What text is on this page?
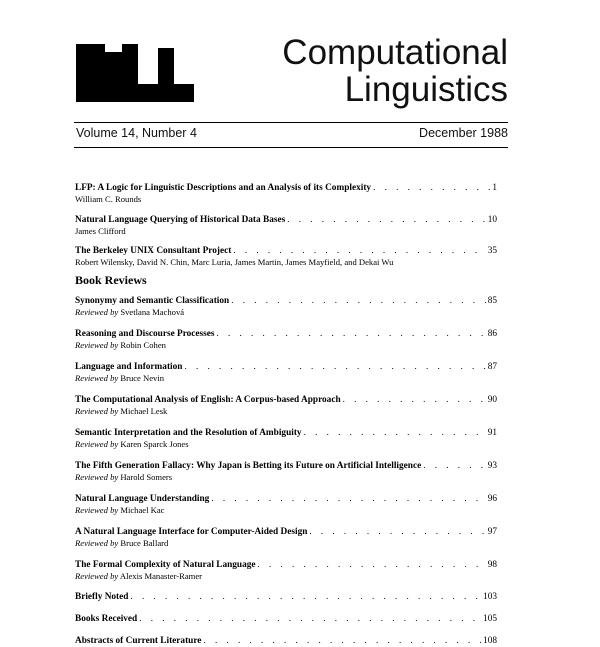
Computational
Linguistics
Volume 14, Number 4	December 1988
LFP: A Logic for Linguistic Descriptions and an Analysis of its Complexity . . .	1
William C. Rounds
Natural Language Querying of Historical Data Bases . . .	10
James Clifford
The Berkeley UNIX Consultant Project . . .	35
Robert Wilensky, David N. Chin, Marc Luria, James Martin, James Mayfield, and Dekai Wu
Book Reviews
Synonymy and Semantic Classification . . .	85
Reviewed by Svetlana Machová
Reasoning and Discourse Processes . . .	86
Reviewed by Robin Cohen
Language and Information . . .	87
Reviewed by Bruce Nevin
The Computational Analysis of English: A Corpus-based Approach . . .	90
Reviewed by Michael Lesk
Semantic Interpretation and the Resolution of Ambiguity . . .	91
Reviewed by Karen Sparck Jones
The Fifth Generation Fallacy: Why Japan is Betting its Future on Artificial Intelligence . . .	93
Reviewed by Harold Somers
Natural Language Understanding . . .	96
Reviewed by Michael Kac
A Natural Language Interface for Computer-Aided Design . . .	97
Reviewed by Bruce Ballard
The Formal Complexity of Natural Language . . .	98
Reviewed by Alexis Manaster-Ramer
Briefly Noted . . .	103
Books Received . . .	105
Abstracts of Current Literature . . .	108
